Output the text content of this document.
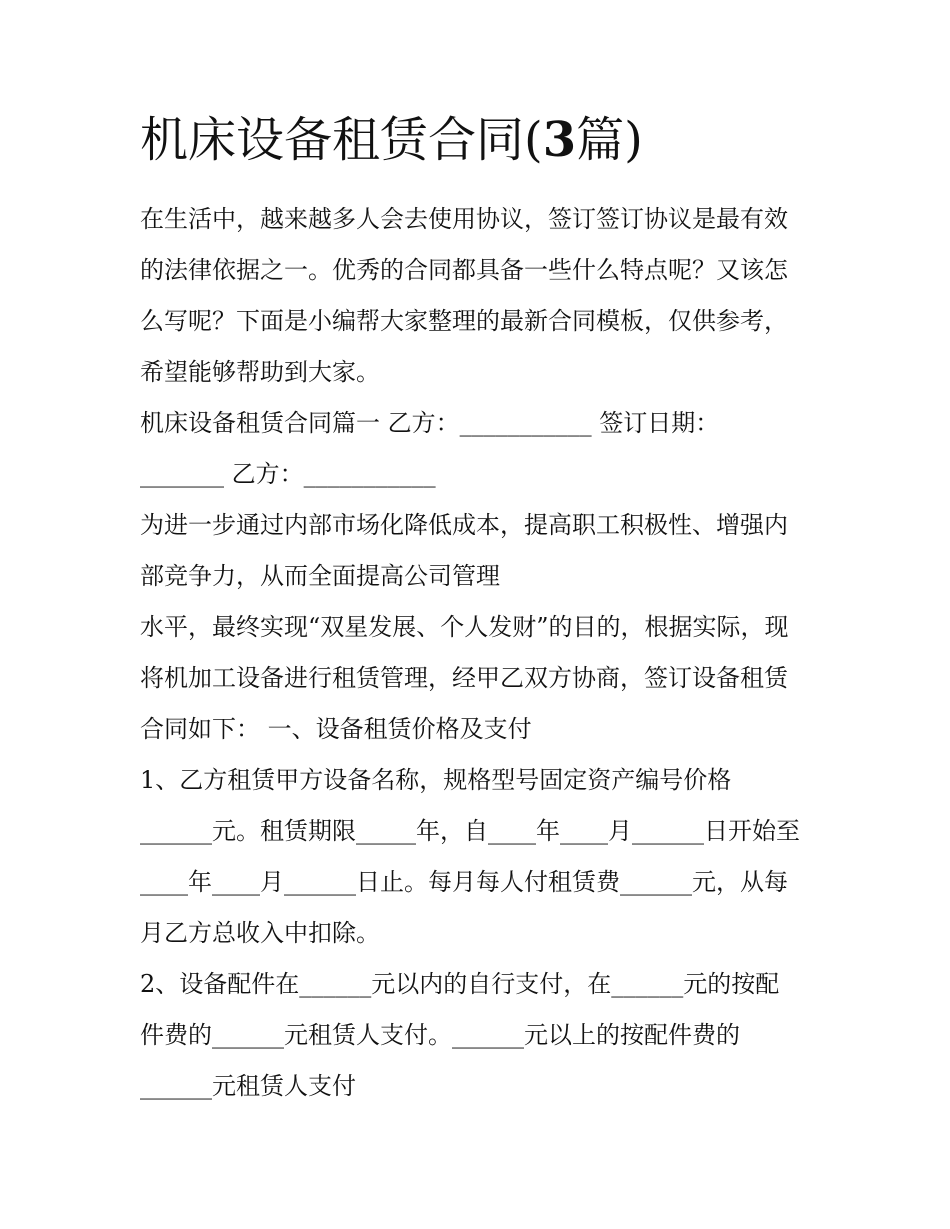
机床设备租赁合同(3篇)

在生活中，越来越多人会去使用协议，签订签订协议是最有效

的法律依据之一。优秀的合同都具备一些什么特点呢？又该怎

么写呢？下面是小编帮大家整理的最新合同模板，仅供参考，

希望能够帮助到大家。

机床设备租赁合同篇一 乙方：___________ 签订日期：

_______ 乙方：___________

为进一步通过内部市场化降低成本，提高职工积极性、增强内

部竞争力，从而全面提高公司管理

水平，最终实现“双星发展、个人发财”的目的，根据实际，现

将机加工设备进行租赁管理，经甲乙双方协商，签订设备租赁

合同如下： 一、设备租赁价格及支付

1、乙方租赁甲方设备名称，规格型号固定资产编号价格

______元。租赁期限_____年，自____年____月______日开始至

____年____月______日止。每月每人付租赁费______元，从每

月乙方总收入中扣除。

2、设备配件在______元以内的自行支付，在______元的按配

件费的______元租赁人支付。______元以上的按配件费的

______元租赁人支付
